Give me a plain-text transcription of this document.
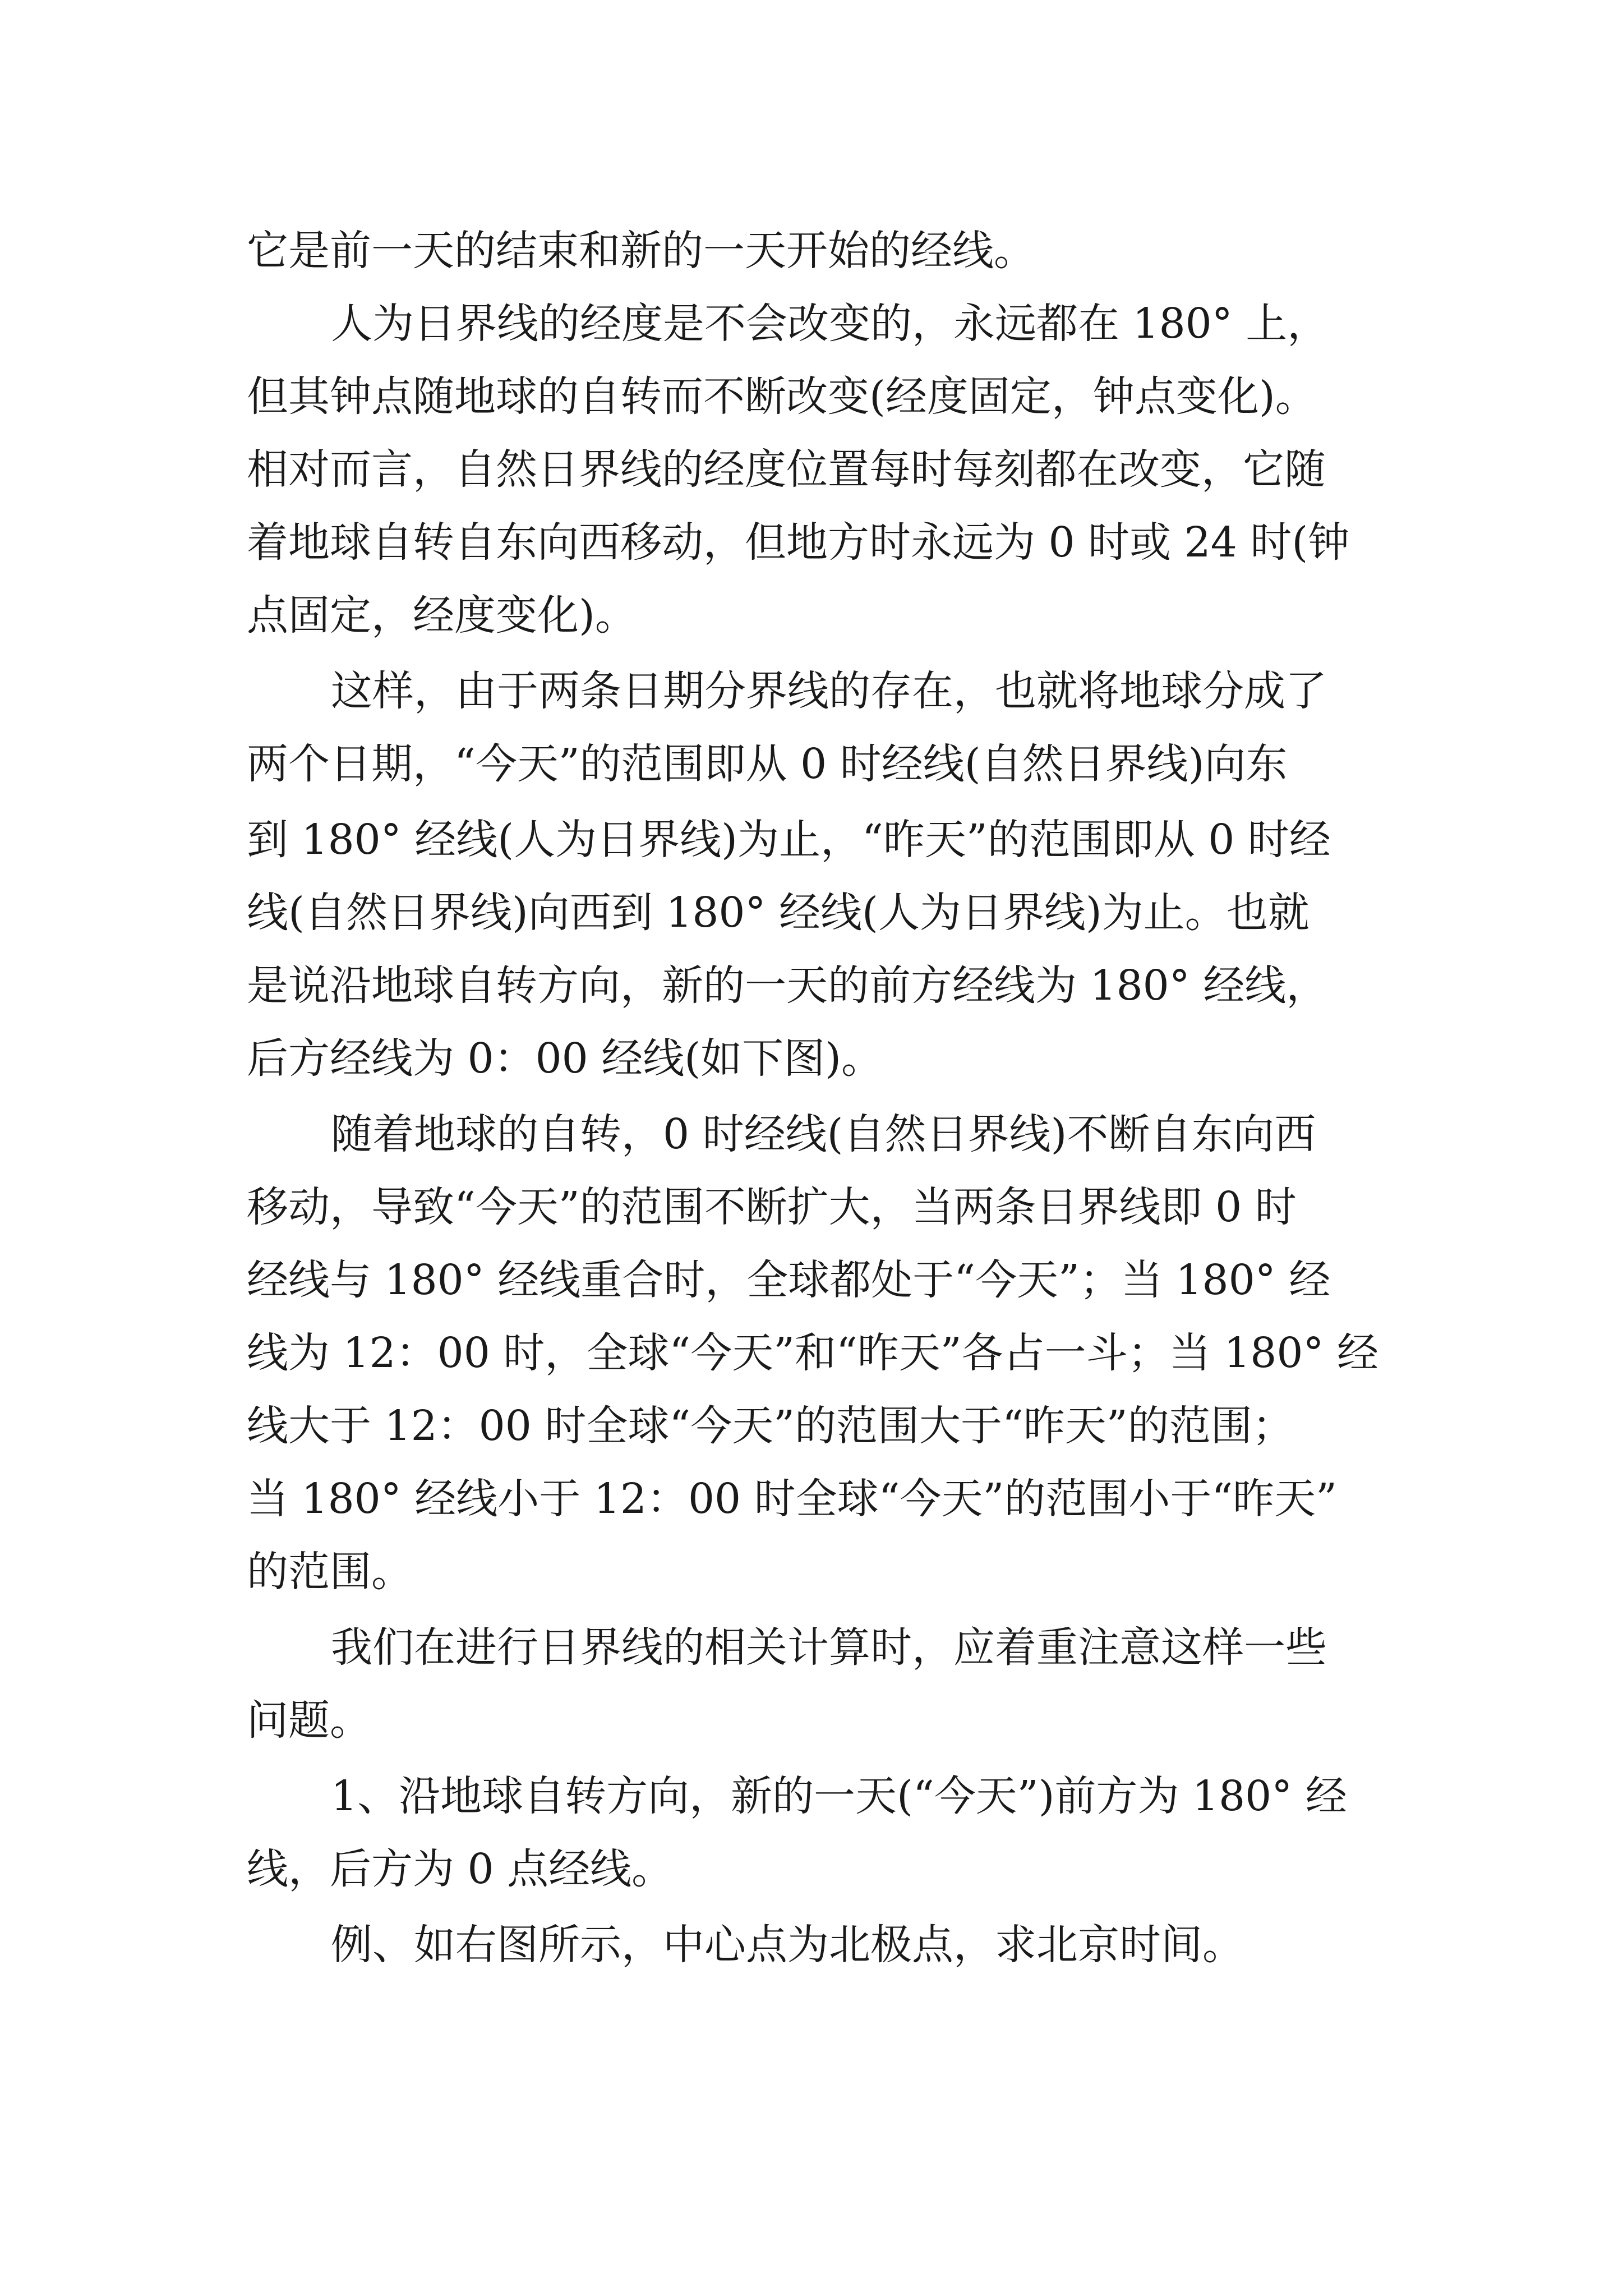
它是前一天的结束和新的一天开始的经线。

人为日界线的经度是不会改变的，永远都在 180° 上，

但其钟点随地球的自转而不断改变(经度固定，钟点变化)。

相对而言，自然日界线的经度位置每时每刻都在改变，它随

着地球自转自东向西移动，但地方时永远为 0 时或 24 时(钟

点固定，经度变化)。

这样，由于两条日期分界线的存在，也就将地球分成了

两个日期，“今天”的范围即从 0 时经线(自然日界线)向东

到 180° 经线(人为日界线)为止，“昨天”的范围即从 0 时经

线(自然日界线)向西到 180° 经线(人为日界线)为止。也就

是说沿地球自转方向，新的一天的前方经线为 180° 经线，

后方经线为 0：00 经线(如下图)。

随着地球的自转，0 时经线(自然日界线)不断自东向西

移动，导致“今天”的范围不断扩大，当两条日界线即 0 时

经线与 180° 经线重合时，全球都处于“今天”；当 180° 经

线为 12：00 时，全球“今天”和“昨天”各占一斗；当 180° 经

线大于 12：00 时全球“今天”的范围大于“昨天”的范围；

当 180° 经线小于 12：00 时全球“今天”的范围小于“昨天”

的范围。

我们在进行日界线的相关计算时，应着重注意这样一些

问题。

1、沿地球自转方向，新的一天(“今天”)前方为 180° 经

线，后方为 0 点经线。

例、如右图所示，中心点为北极点，求北京时间。
